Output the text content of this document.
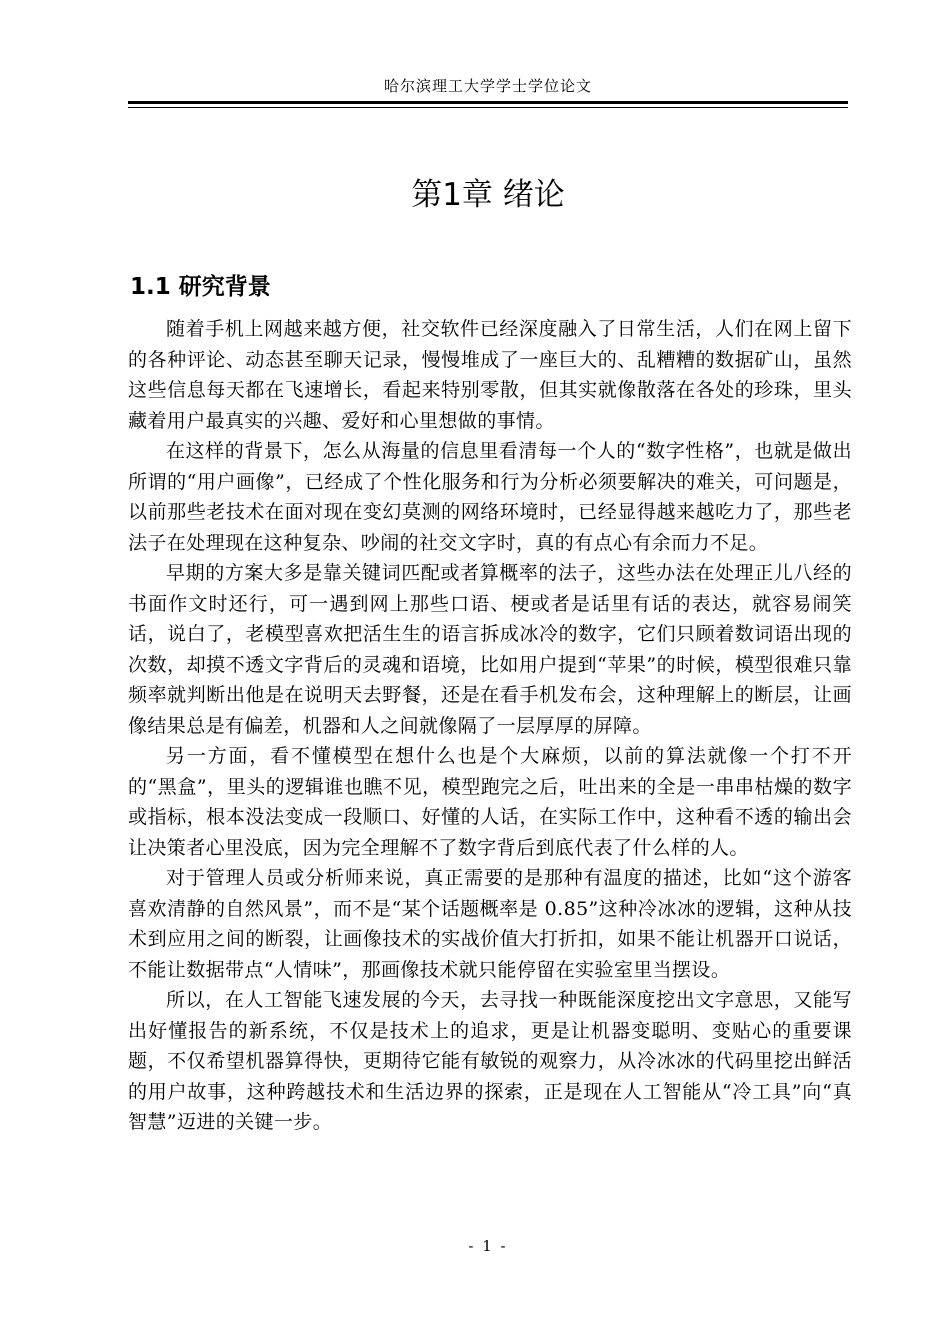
哈尔滨理工大学学士学位论文
第1章 绪论
1.1 研究背景

随着手机上网越来越方便，社交软件已经深度融入了日常生活，人们在网上留下的各种评论、动态甚至聊天记录，慢慢堆成了一座巨大的、乱糟糟的数据矿山，虽然这些信息每天都在飞速增长，看起来特别零散，但其实就像散落在各处的珍珠，里头藏着用户最真实的兴趣、爱好和心里想做的事情。

在这样的背景下，怎么从海量的信息里看清每一个人的“数字性格”，也就是做出所谓的“用户画像”，已经成了个性化服务和行为分析必须要解决的难关，可问题是，以前那些老技术在面对现在变幻莫测的网络环境时，已经显得越来越吃力了，那些老法子在处理现在这种复杂、吵闹的社交文字时，真的有点心有余而力不足。

早期的方案大多是靠关键词匹配或者算概率的法子，这些办法在处理正儿八经的书面作文时还行，可一遇到网上那些口语、梗或者是话里有话的表达，就容易闹笑话，说白了，老模型喜欢把活生生的语言拆成冰冷的数字，它们只顾着数词语出现的次数，却摸不透文字背后的灵魂和语境，比如用户提到“苹果”的时候，模型很难只靠频率就判断出他是在说明天去野餐，还是在看手机发布会，这种理解上的断层，让画像结果总是有偏差，机器和人之间就像隔了一层厚厚的屏障。

另一方面，看不懂模型在想什么也是个大麻烦，以前的算法就像一个打不开的“黑盒”，里头的逻辑谁也瞧不见，模型跑完之后，吐出来的全是一串串枯燥的数字或指标，根本没法变成一段顺口、好懂的人话，在实际工作中，这种看不透的输出会让决策者心里没底，因为完全理解不了数字背后到底代表了什么样的人。

对于管理人员或分析师来说，真正需要的是那种有温度的描述，比如“这个游客喜欢清静的自然风景”，而不是“某个话题概率是 0.85”这种冷冰冰的逻辑，这种从技术到应用之间的断裂，让画像技术的实战价值大打折扣，如果不能让机器开口说话，不能让数据带点“人情味”，那画像技术就只能停留在实验室里当摆设。

所以，在人工智能飞速发展的今天，去寻找一种既能深度挖出文字意思，又能写出好懂报告的新系统，不仅是技术上的追求，更是让机器变聪明、变贴心的重要课题，不仅希望机器算得快，更期待它能有敏锐的观察力，从冷冰冰的代码里挖出鲜活的用户故事，这种跨越技术和生活边界的探索，正是现在人工智能从“冷工具”向“真智慧”迈进的关键一步。

- 1 -
